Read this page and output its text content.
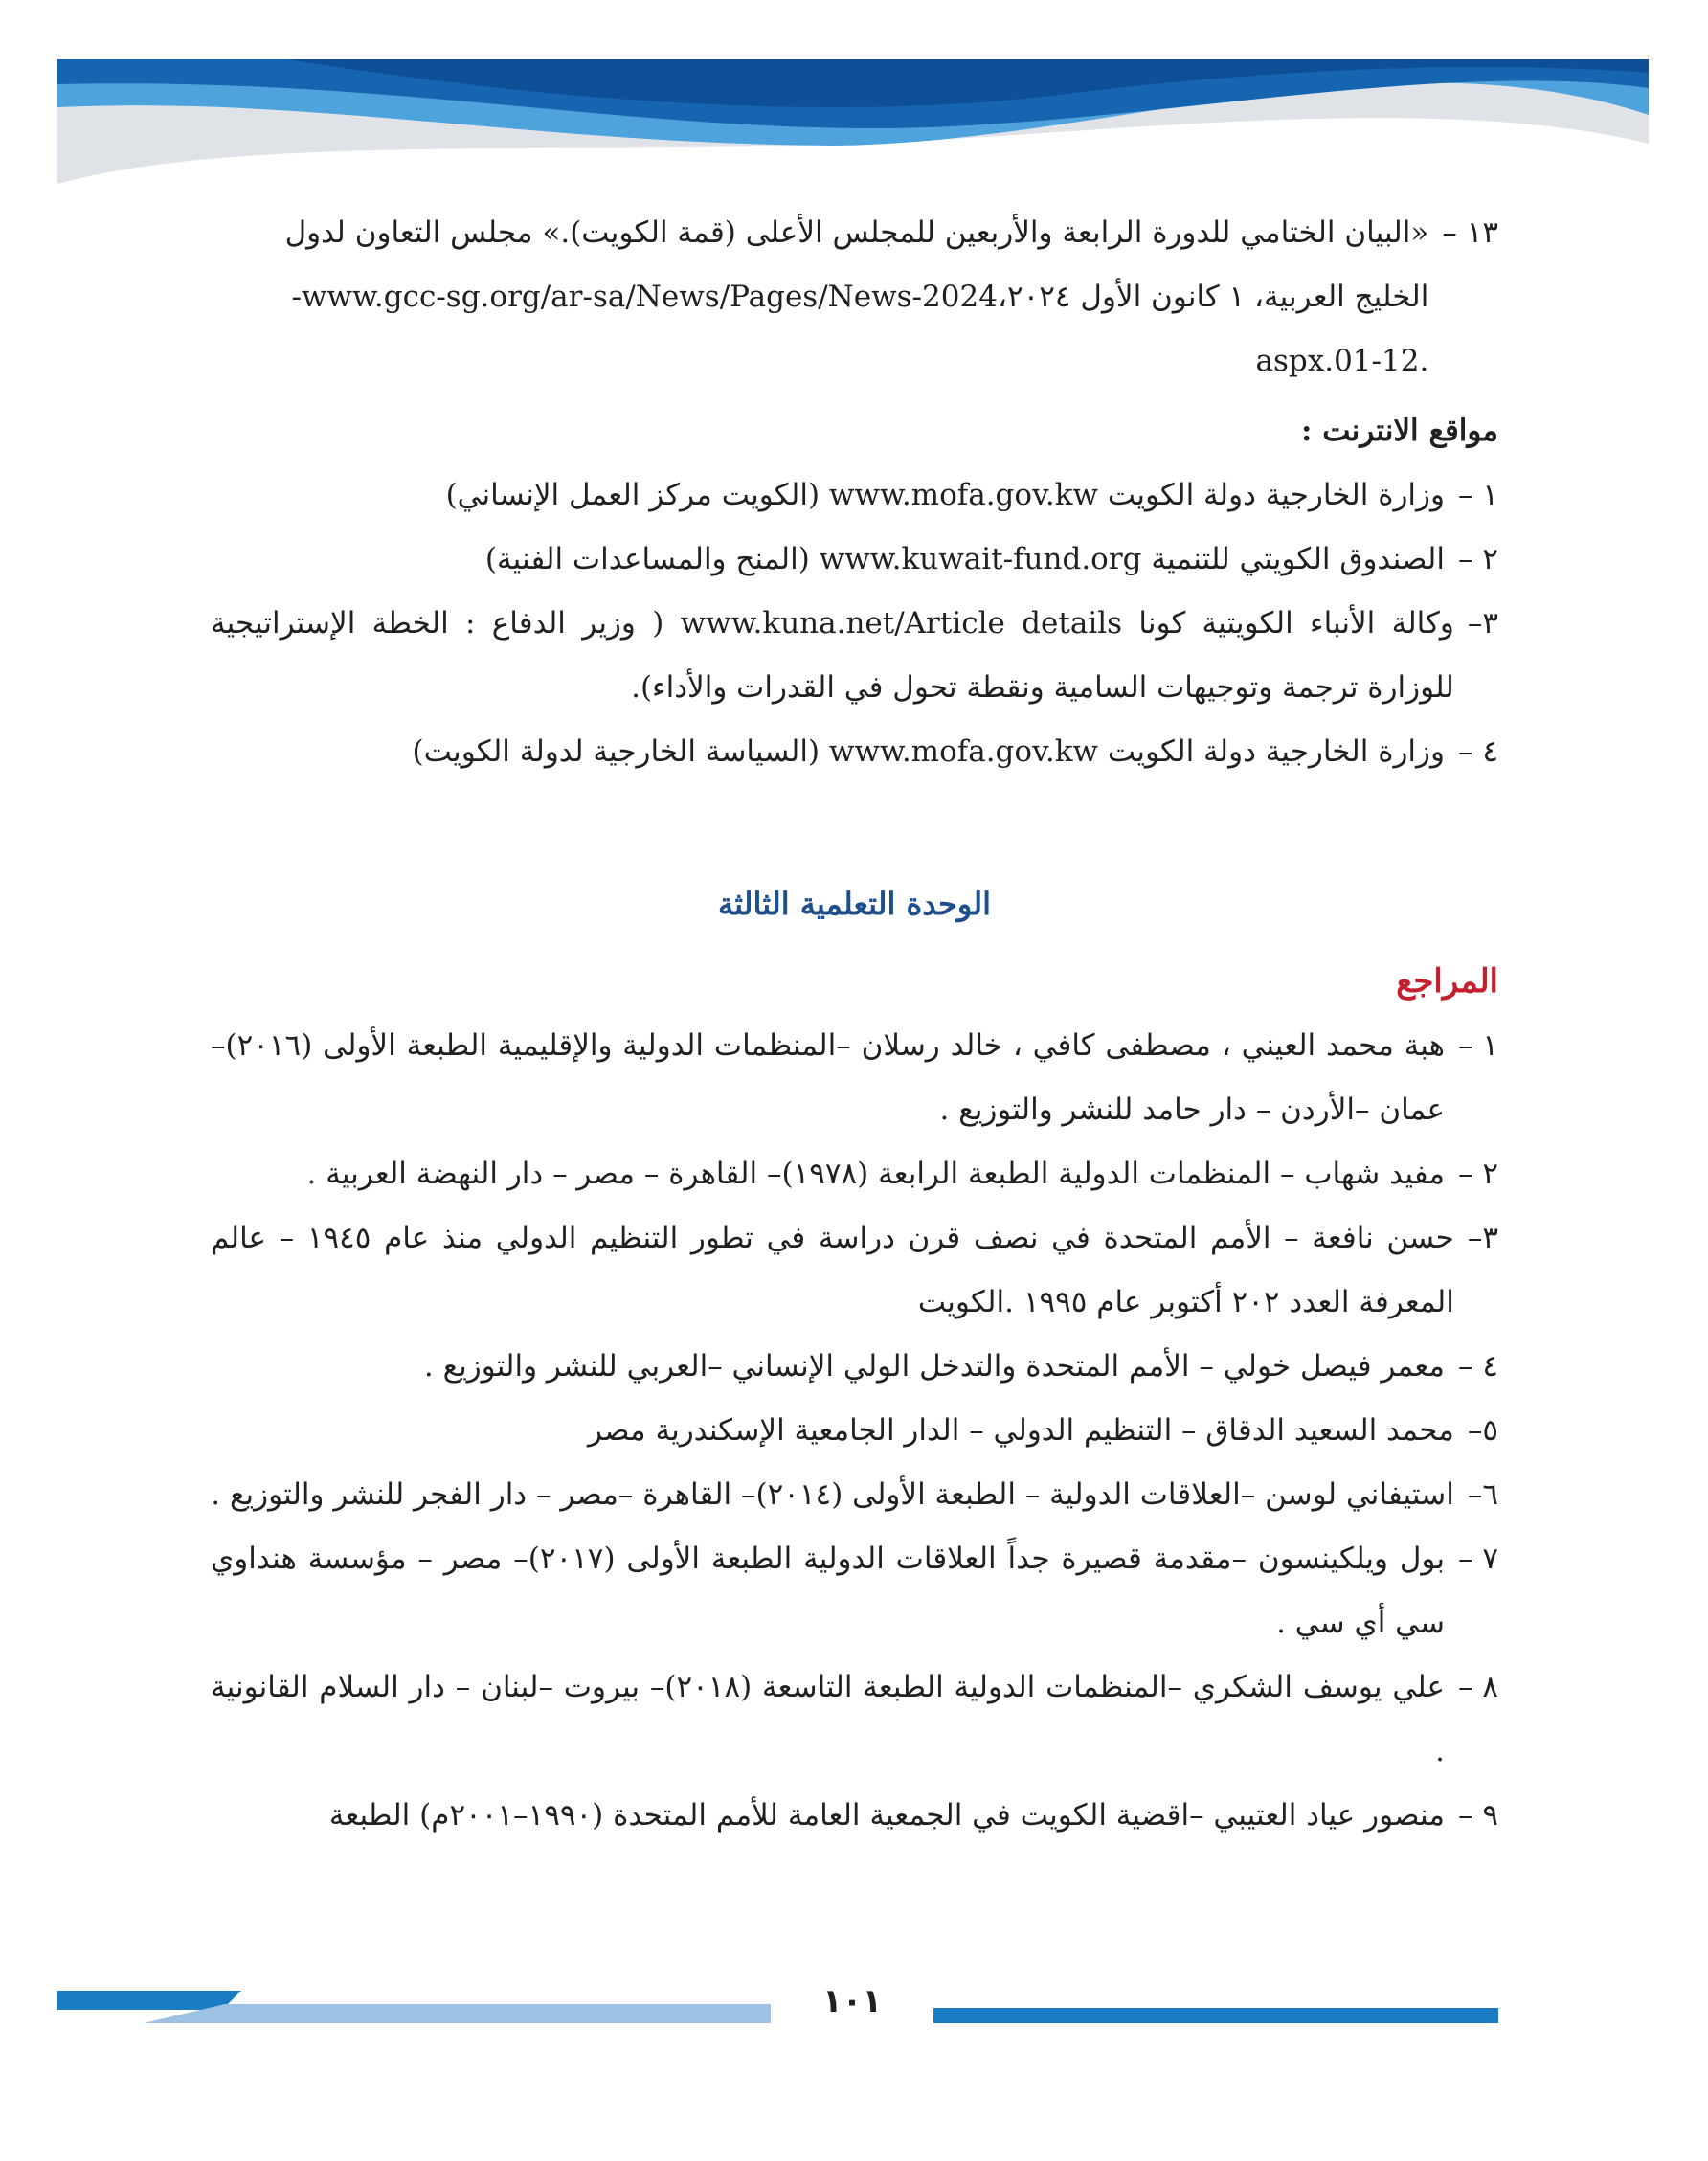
١٣ –
«البيان الختامي للدورة الرابعة والأربعين للمجلس الأعلى (قمة الكويت).» مجلس التعاون لدول
الخليج العربية، ١ كانون الأول ٢٠٢٤،www.gcc-sg.org/ar-sa/News/Pages/News-2024-
.aspx.01-12
مواقع الانترنت :
١ –
وزارة الخارجية دولة الكويت www.mofa.gov.kw (الكويت مركز العمل الإنساني)
٢ –
الصندوق الكويتي للتنمية www.kuwait-fund.org (المنح والمساعدات الفنية)
٣–
وكالة الأنباء الكويتية كونا www.kuna.net/Article details ( وزير الدفاع : الخطة الإستراتيجية للوزارة ترجمة وتوجيهات السامية ونقطة تحول في القدرات والأداء).
٤ –
وزارة الخارجية دولة الكويت www.mofa.gov.kw (السياسة الخارجية لدولة الكويت)
الوحدة التعلمية الثالثة
المراجع
١ –
هبة محمد العيني ، مصطفى كافي ، خالد رسلان –المنظمات الدولية والإقليمية الطبعة الأولى (٢٠١٦)– عمان –الأردن – دار حامد للنشر والتوزيع .
٢ –
مفيد شهاب – المنظمات الدولية الطبعة الرابعة (١٩٧٨)– القاهرة – مصر – دار النهضة العربية .
٣–
حسن نافعة – الأمم المتحدة في نصف قرن دراسة في تطور التنظيم الدولي منذ عام ١٩٤٥ – عالم المعرفة العدد ٢٠٢ أكتوبر عام ١٩٩٥ .الكويت
٤ –
معمر فيصل خولي – الأمم المتحدة والتدخل الولي الإنساني –العربي للنشر والتوزيع .
٥–
محمد السعيد الدقاق – التنظيم الدولي – الدار الجامعية الإسكندرية مصر
٦–
استيفاني لوسن –العلاقات الدولية – الطبعة الأولى (٢٠١٤)– القاهرة –مصر – دار الفجر للنشر والتوزيع .
٧ –
بول ويلكينسون –مقدمة قصيرة جداً العلاقات الدولية الطبعة الأولى (٢٠١٧)– مصر – مؤسسة هنداوي سي أي سي .
٨ –
علي يوسف الشكري –المنظمات الدولية الطبعة التاسعة (٢٠١٨)– بيروت –لبنان – دار السلام القانونية .
٩ –
منصور عياد العتيبي –اقضية الكويت في الجمعية العامة للأمم المتحدة (١٩٩٠–٢٠٠١م) الطبعة
١٠١
